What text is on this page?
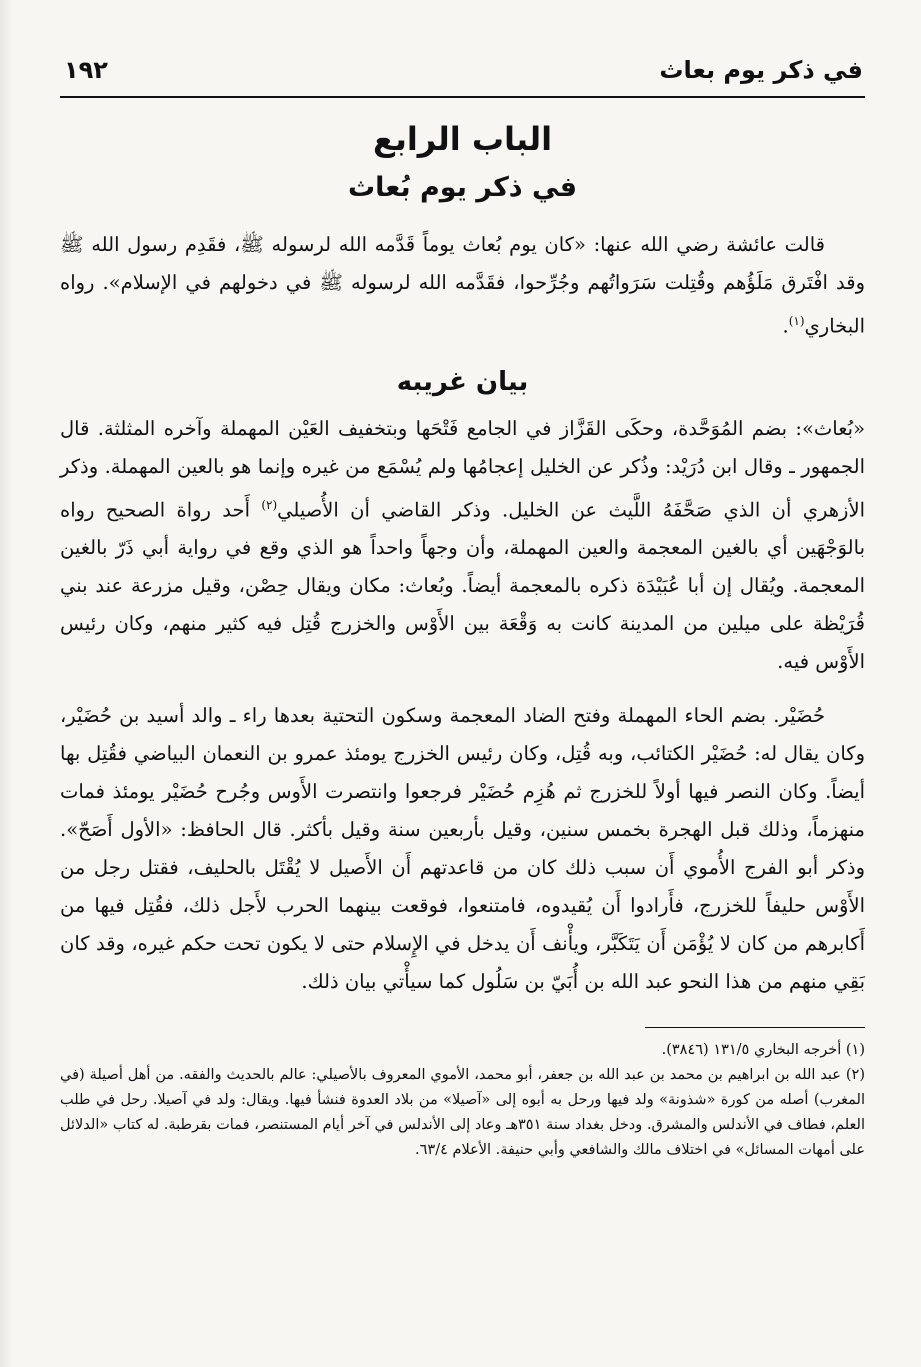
في ذكر يوم بعاث
١٩٢
الباب الرابع
في ذكر يوم بُعاث

قالت عائشة رضي الله عنها: «كان يوم بُعاث يوماً قَدَّمه الله لرسوله ﷺ، فقَدِم رسول الله ﷺ وقد افْتَرق مَلَؤُهم وقُتِلت سَرَواتُهم وجُرِّحوا، فقَدَّمه الله لرسوله ﷺ في دخولهم في الإسلام». رواه البخاري$^{(١)}$.

بيان غريبه

«بُعاث»: بضم المُوَحَّدة، وحكَى القَزَّاز في الجامع فَتْحَها وبتخفيف العَيْن المهملة وآخره المثلثة. قال الجمهور ـ وقال ابن دُرَيْد: وذُكر عن الخليل إعجامُها ولم يُسْمَع من غيره وإنما هو بالعين المهملة. وذكر الأزهري أن الذي صَحَّفَهُ اللَّيث عن الخليل. وذكر القاضي أن الأُصيلي$^{(٢)}$ أَحد رواة الصحيح رواه بالوَجْهَين أي بالغين المعجمة والعين المهملة، وأن وجهاً واحداً هو الذي وقع في رواية أبي ذَرّ بالغين المعجمة. ويُقال إن أبا عُبَيْدَة ذكره بالمعجمة أيضاً. وبُعاث: مكان ويقال حِصْن، وقيل مزرعة عند بني قُرَيْظة على ميلين من المدينة كانت به وَقْعَة بين الأَوْس والخزرج قُتِل فيه كثير منهم، وكان رئيس الأَوْس فيه.

حُضَيْر. بضم الحاء المهملة وفتح الضاد المعجمة وسكون التحتية بعدها راء ـ والد أسيد بن حُضَيْر، وكان يقال له: حُضَيْر الكتائب، وبه قُتِل، وكان رئيس الخزرج يومئذ عمرو بن النعمان البياضي فقُتِل بها أيضاً. وكان النصر فيها أولاً للخزرج ثم هُزِم حُضَيْر فرجعوا وانتصرت الأَوس وجُرح حُضَيْر يومئذ فمات منهزماً، وذلك قبل الهجرة بخمس سنين، وقيل بأربعين سنة وقيل بأكثر. قال الحافظ: «الأول أَصَحّ». وذكر أبو الفرج الأُموي أَن سبب ذلك كان من قاعدتهم أَن الأَصيل لا يُقْتَل بالحليف، فقتل رجل من الأَوْس حليفاً للخزرج، فأَرادوا أَن يُقيدوه، فامتنعوا، فوقعت بينهما الحرب لأَجل ذلك، فقُتِل فيها من أَكابرهم من كان لا يُؤْمَن أَن يَتَكَبَّر، ويأْنف أَن يدخل في الإِسلام حتى لا يكون تحت حكم غيره، وقد كان بَقِي منهم من هذا النحو عبد الله بن أُبَيّ بن سَلُول كما سيأْتي بيان ذلك.

(١) أخرجه البخاري ١٣١/٥ (٣٨٤٦).

(٢) عبد الله بن ابراهيم بن محمد بن عبد الله بن جعفر، أبو محمد، الأموي المعروف بالأصيلي: عالم بالحديث والفقه. من أهل أصيلة (في المغرب) أصله من كورة «شذونة» ولد فيها ورحل به أبوه إلى «آصيلا» من بلاد العدوة فنشأ فيها. ويقال: ولد في آصيلا. رحل في طلب العلم، فطاف في الأندلس والمشرق. ودخل بغداد سنة ٣٥١هـ وعاد إلى الأندلس في آخر أيام المستنصر، فمات بقرطبة. له كتاب «الدلائل على أمهات المسائل» في اختلاف مالك والشافعي وأبي حنيفة. الأعلام ٦٣/٤.
